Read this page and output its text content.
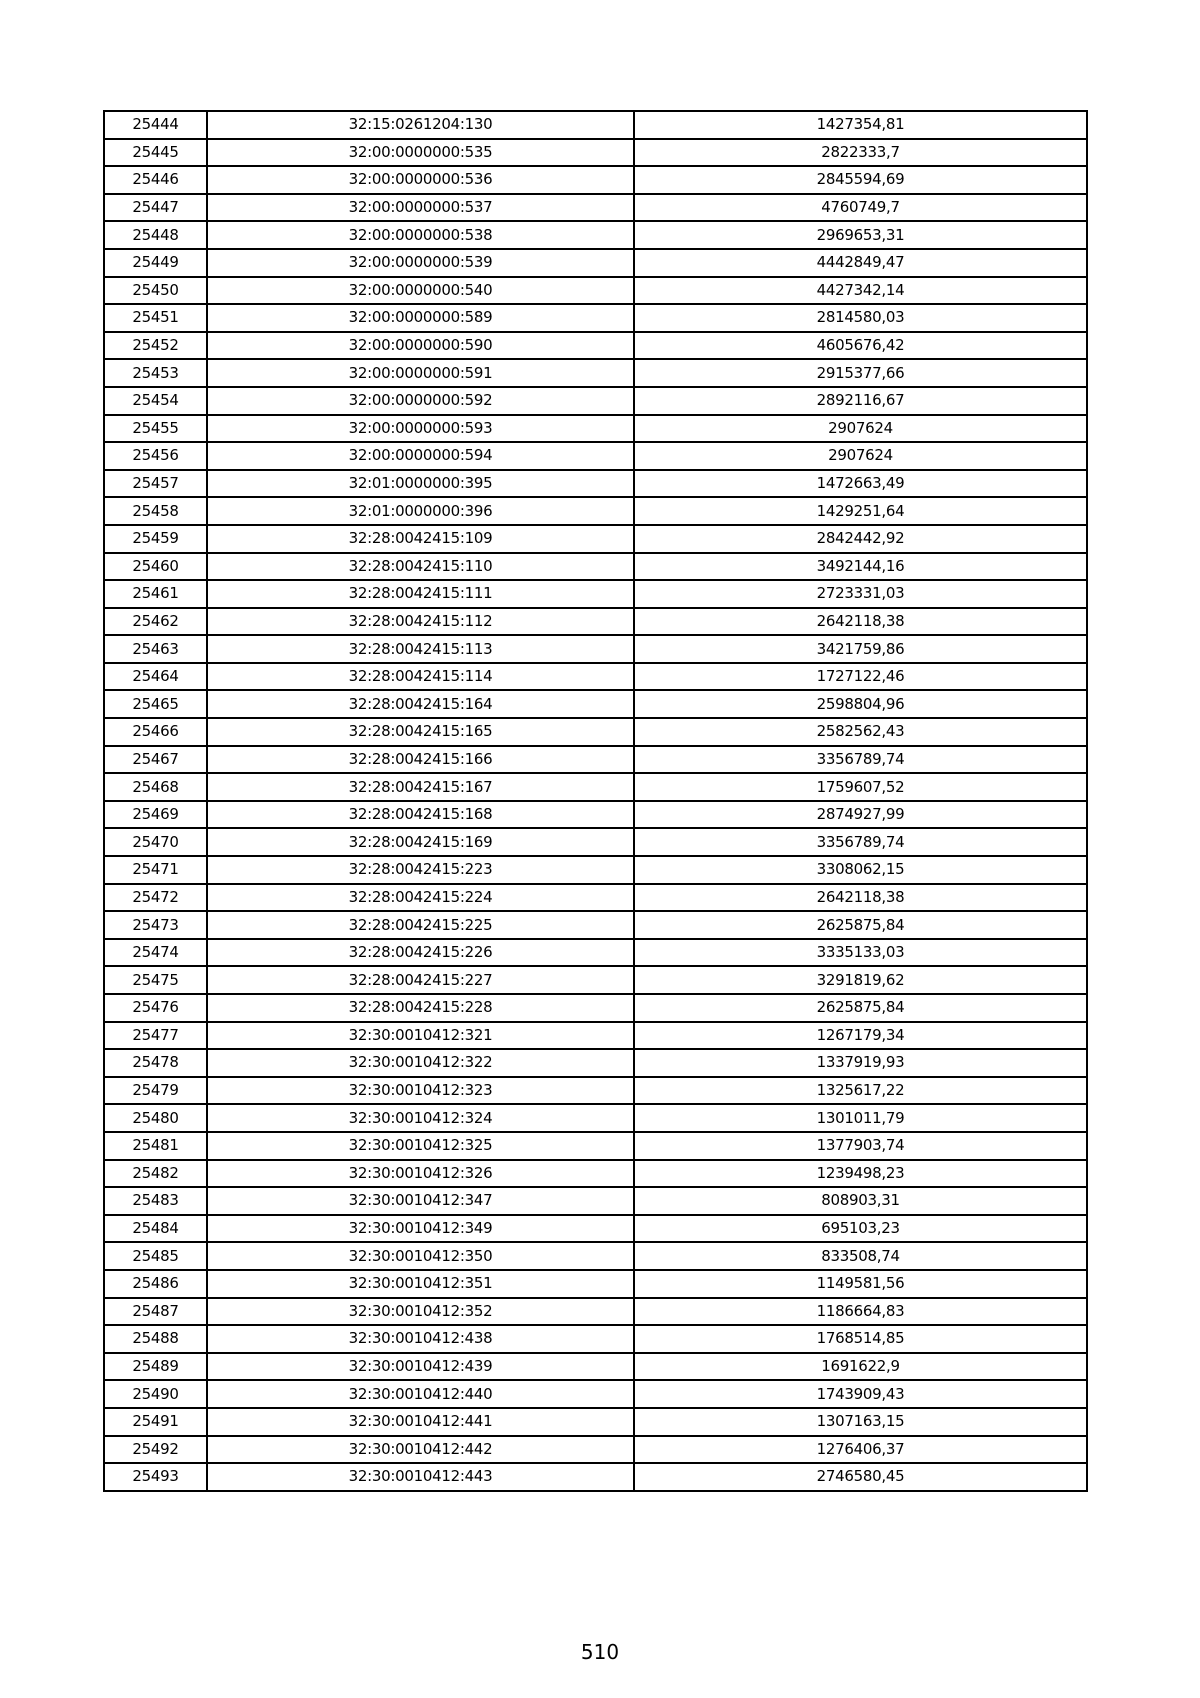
25444	32:15:0261204:130	1427354,81
25445	32:00:0000000:535	2822333,7
25446	32:00:0000000:536	2845594,69
25447	32:00:0000000:537	4760749,7
25448	32:00:0000000:538	2969653,31
25449	32:00:0000000:539	4442849,47
25450	32:00:0000000:540	4427342,14
25451	32:00:0000000:589	2814580,03
25452	32:00:0000000:590	4605676,42
25453	32:00:0000000:591	2915377,66
25454	32:00:0000000:592	2892116,67
25455	32:00:0000000:593	2907624
25456	32:00:0000000:594	2907624
25457	32:01:0000000:395	1472663,49
25458	32:01:0000000:396	1429251,64
25459	32:28:0042415:109	2842442,92
25460	32:28:0042415:110	3492144,16
25461	32:28:0042415:111	2723331,03
25462	32:28:0042415:112	2642118,38
25463	32:28:0042415:113	3421759,86
25464	32:28:0042415:114	1727122,46
25465	32:28:0042415:164	2598804,96
25466	32:28:0042415:165	2582562,43
25467	32:28:0042415:166	3356789,74
25468	32:28:0042415:167	1759607,52
25469	32:28:0042415:168	2874927,99
25470	32:28:0042415:169	3356789,74
25471	32:28:0042415:223	3308062,15
25472	32:28:0042415:224	2642118,38
25473	32:28:0042415:225	2625875,84
25474	32:28:0042415:226	3335133,03
25475	32:28:0042415:227	3291819,62
25476	32:28:0042415:228	2625875,84
25477	32:30:0010412:321	1267179,34
25478	32:30:0010412:322	1337919,93
25479	32:30:0010412:323	1325617,22
25480	32:30:0010412:324	1301011,79
25481	32:30:0010412:325	1377903,74
25482	32:30:0010412:326	1239498,23
25483	32:30:0010412:347	808903,31
25484	32:30:0010412:349	695103,23
25485	32:30:0010412:350	833508,74
25486	32:30:0010412:351	1149581,56
25487	32:30:0010412:352	1186664,83
25488	32:30:0010412:438	1768514,85
25489	32:30:0010412:439	1691622,9
25490	32:30:0010412:440	1743909,43
25491	32:30:0010412:441	1307163,15
25492	32:30:0010412:442	1276406,37
25493	32:30:0010412:443	2746580,45
510
